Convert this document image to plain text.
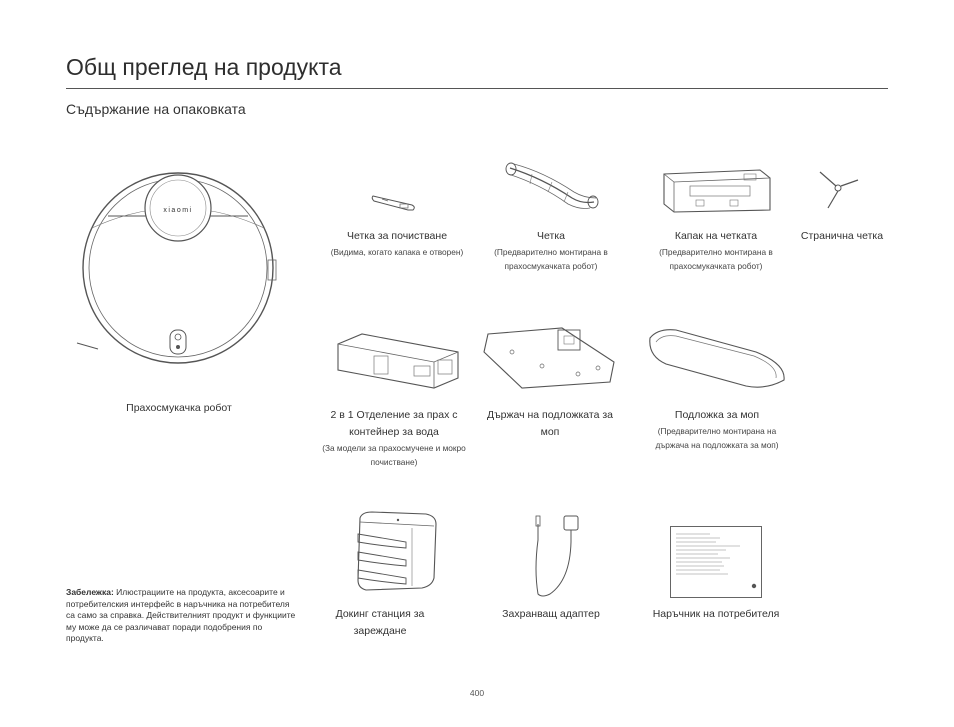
Общ преглед на продукта
Съдържание на опаковката
xiaomi
Прахосмукачка робот
Четка за почистване
(Видима, когато капака е отворен)
Четка
(Предварително монтирана в прахосмукачката робот)
Капак на четката
(Предварително монтирана в прахосмукачката робот)
Странична четка
2 в 1 Отделение за прах с контейнер за вода
(За модели за прахосмучене и мокро почистване)
Държач на подложката за моп
Подложка за моп
(Предварително монтирана на държача на подложката за моп)
Докинг станция за зареждане
Захранващ адаптер	Наръчник на потребителя
Забележка: Илюстрациите на продукта, аксесоарите и потребителския интерфейс в наръчника на потребителя са само за справка. Действителният продукт и функциите му може да се различават поради подобрения по продукта.
400
